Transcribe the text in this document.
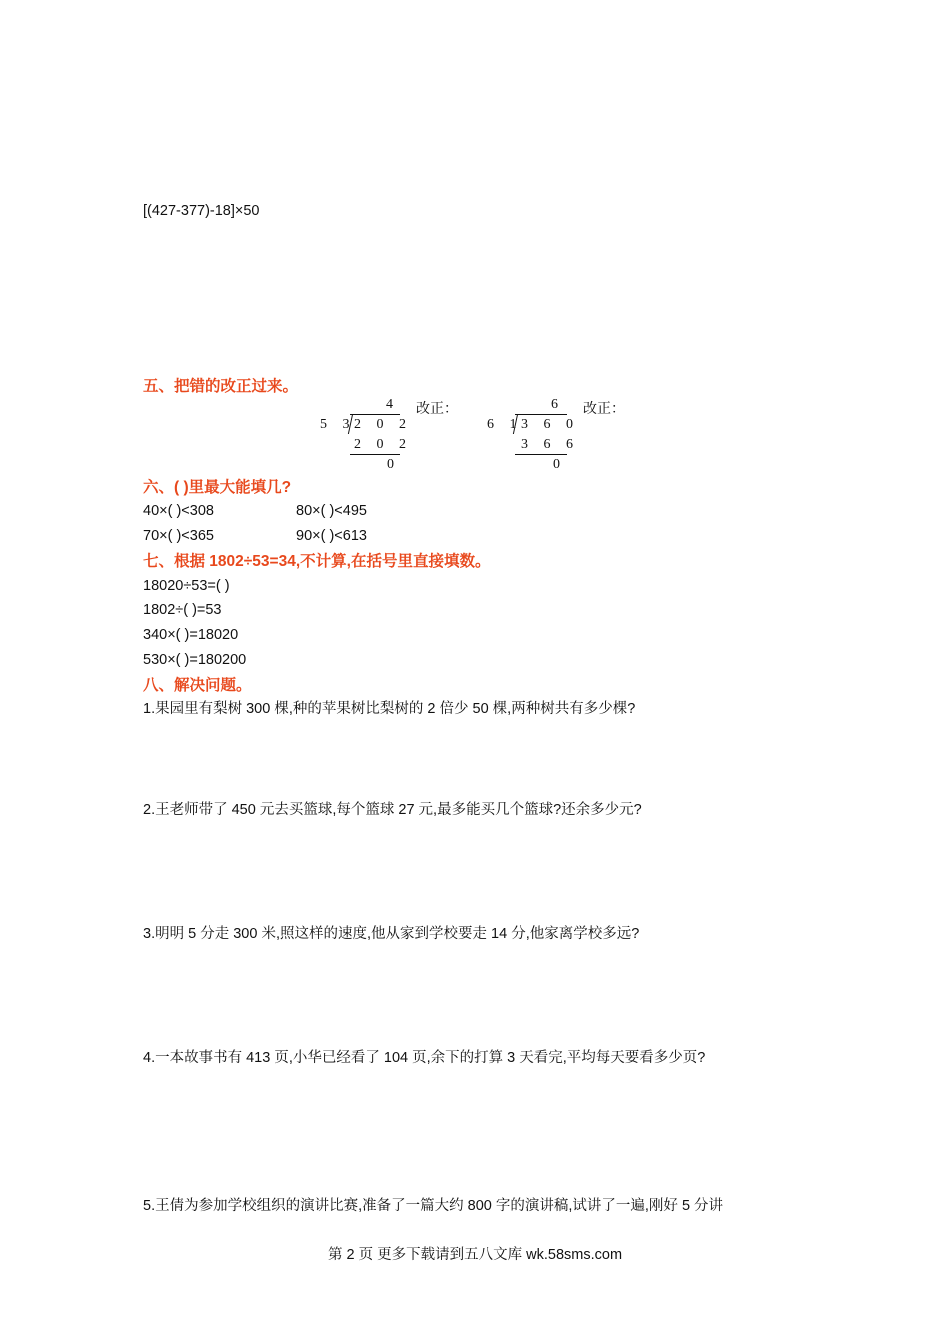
[(427-377)-18]×50
五、把错的改正过来。
4
5 3
2 0 2
2 0 2
0
改正：	6
6 1
3 6 0
3 6 6
0
改正：
六、( )里最大能填几?
40×( )<308	80×( )<495
70×( )<365	90×( )<613
七、根据 1802÷53=34,不计算,在括号里直接填数。
18020÷53=( )
1802÷( )=53
340×( )=18020
530×( )=180200
八、解决问题。
1.果园里有梨树 300 棵,种的苹果树比梨树的 2 倍少 50 棵,两种树共有多少棵?
2.王老师带了 450 元去买篮球,每个篮球 27 元,最多能买几个篮球?还余多少元?
3.明明 5 分走 300 米,照这样的速度,他从家到学校要走 14 分,他家离学校多远?
4.一本故事书有 413 页,小华已经看了 104 页,余下的打算 3 天看完,平均每天要看多少页?
5.王倩为参加学校组织的演讲比赛,准备了一篇大约 800 字的演讲稿,试讲了一遍,刚好 5 分讲
第 2 页 更多下载请到五八文库 wk.58sms.com
